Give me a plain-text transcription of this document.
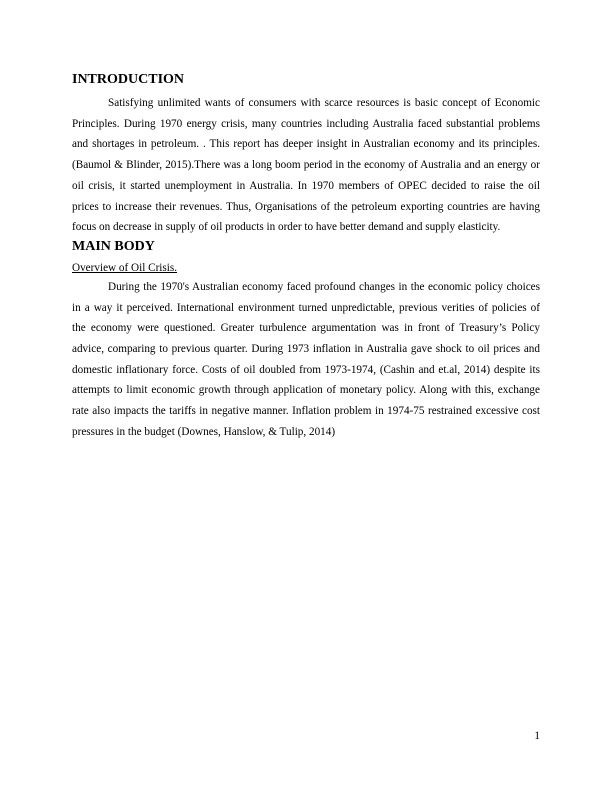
INTRODUCTION

Satisfying unlimited wants of consumers with scarce resources is basic concept of Economic Principles. During 1970 energy crisis, many countries including Australia faced substantial problems and shortages in petroleum. . This report has deeper insight in Australian economy and its principles. (Baumol & Blinder, 2015).There was a long boom period in the economy of Australia and an energy or oil crisis, it started unemployment in Australia. In 1970 members of OPEC decided to raise the oil prices to increase their revenues. Thus, Organisations of the petroleum exporting countries are having focus on decrease in supply of oil products in order to have better demand and supply elasticity.

MAIN BODY

Overview of Oil Crisis.

During the 1970's Australian economy faced profound changes in the economic policy choices in a way it perceived. International environment turned unpredictable, previous verities of policies of the economy were questioned. Greater turbulence argumentation was in front of Treasury’s Policy advice, comparing to previous quarter. During 1973 inflation in Australia gave shock to oil prices and domestic inflationary force. Costs of oil doubled from 1973-1974, (Cashin and et.al, 2014) despite its attempts to limit economic growth through application of monetary policy. Along with this, exchange rate also impacts the tariffs in negative manner. Inflation problem in 1974-75 restrained excessive cost pressures in the budget (Downes, Hanslow, & Tulip, 2014)

1
